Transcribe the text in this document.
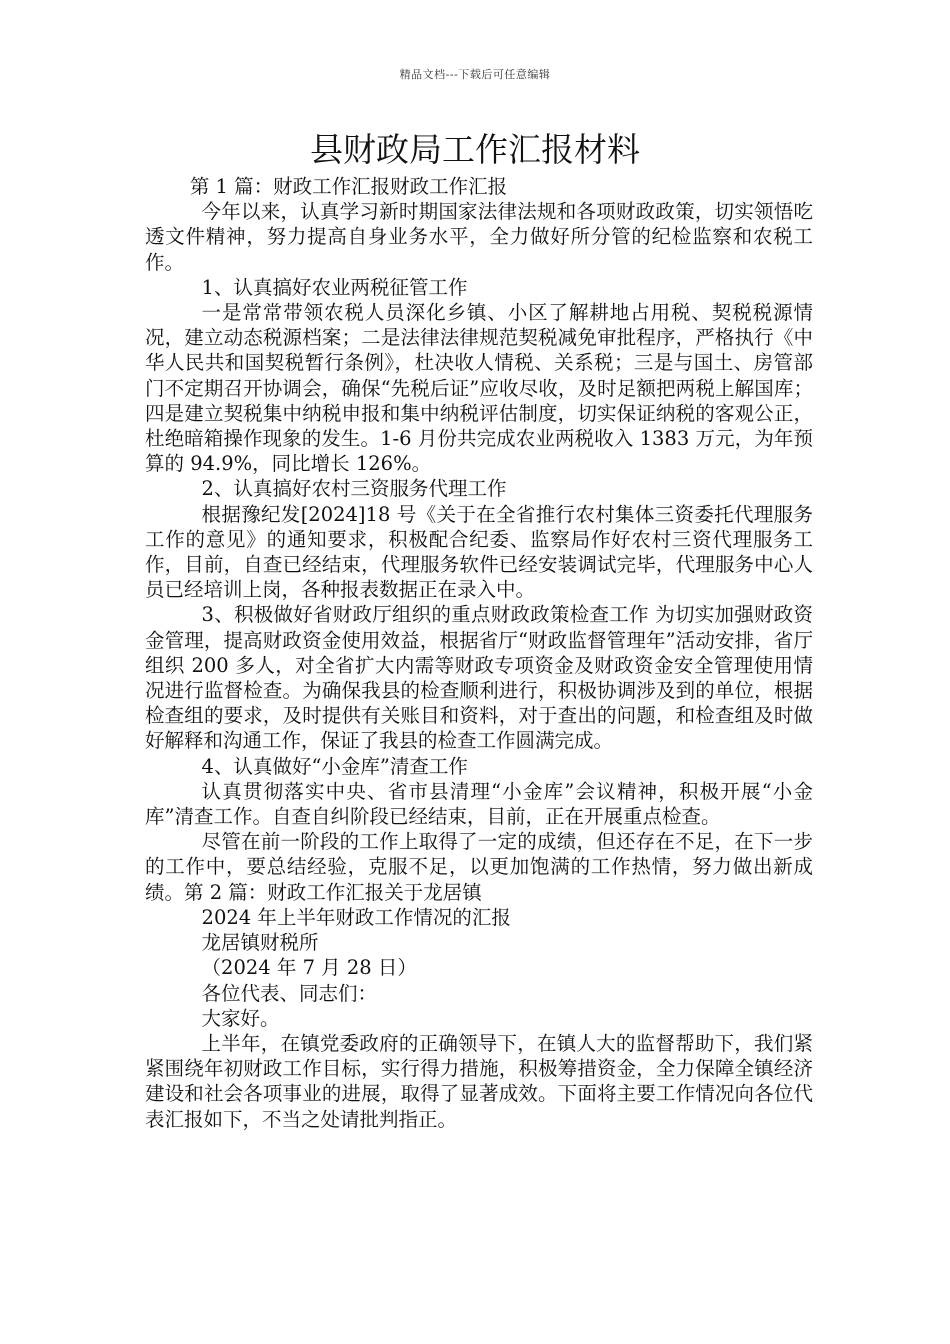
精品文档---下载后可任意编辑
县财政局工作汇报材料

第 1 篇：财政工作汇报财政工作汇报

今年以来，认真学习新时期国家法律法规和各项财政政策，切实领悟吃透文件精神，努力提高自身业务水平，全力做好所分管的纪检监察和农税工作。

1、认真搞好农业两税征管工作

一是常常带领农税人员深化乡镇、小区了解耕地占用税、契税税源情况，建立动态税源档案；二是法律法律规范契税减免审批程序，严格执行《中华人民共和国契税暂行条例》，杜决收人情税、关系税；三是与国土、房管部门不定期召开协调会，确保“先税后证”应收尽收，及时足额把两税上解国库；四是建立契税集中纳税申报和集中纳税评估制度，切实保证纳税的客观公正，杜绝暗箱操作现象的发生。1-6 月份共完成农业两税收入 1383 万元，为年预算的 94.9%，同比增长 126%。

2、认真搞好农村三资服务代理工作

根据豫纪发[2024]18 号《关于在全省推行农村集体三资委托代理服务工作的意见》的通知要求，积极配合纪委、监察局作好农村三资代理服务工作，目前，自查已经结束，代理服务软件已经安装调试完毕，代理服务中心人员已经培训上岗，各种报表数据正在录入中。

3、积极做好省财政厅组织的重点财政政策检查工作 为切实加强财政资金管理，提高财政资金使用效益，根据省厅“财政监督管理年”活动安排，省厅组织 200 多人，对全省扩大内需等财政专项资金及财政资金安全管理使用情况进行监督检查。为确保我县的检查顺利进行，积极协调涉及到的单位，根据检查组的要求，及时提供有关账目和资料，对于查出的问题，和检查组及时做好解释和沟通工作，保证了我县的检查工作圆满完成。

4、认真做好“小金库”清查工作

认真贯彻落实中央、省市县清理“小金库”会议精神，积极开展“小金库”清查工作。自查自纠阶段已经结束，目前，正在开展重点检查。

尽管在前一阶段的工作上取得了一定的成绩，但还存在不足，在下一步的工作中，要总结经验，克服不足，以更加饱满的工作热情，努力做出新成绩。第 2 篇：财政工作汇报关于龙居镇

2024 年上半年财政工作情况的汇报

龙居镇财税所

（2024 年 7 月 28 日）

各位代表、同志们：

大家好。

上半年，在镇党委政府的正确领导下，在镇人大的监督帮助下，我们紧紧围绕年初财政工作目标，实行得力措施，积极筹措资金，全力保障全镇经济建设和社会各项事业的进展，取得了显著成效。下面将主要工作情况向各位代表汇报如下，不当之处请批判指正。
